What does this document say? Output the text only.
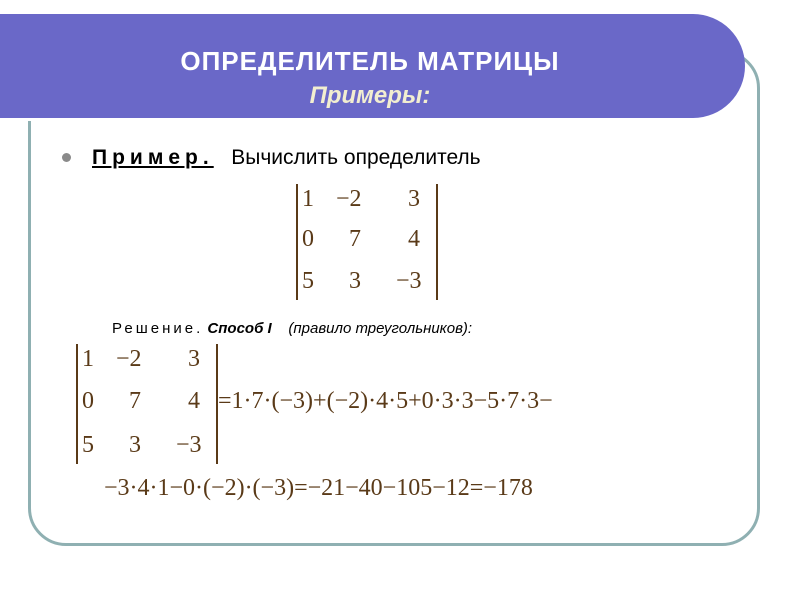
ОПРЕДЕЛИТЕЛЬ МАТРИЦЫ
Примеры:
Пример. Вычислить определитель
1 −2 3
0 7 4
5 3 −3
Решение. Способ I (правило треугольников):
1 −2 3
0 7 4
5 3 −3
=1·7·(−3)+(−2)·4·5+0·3·3−5·7·3−
−3·4·1−0·(−2)·(−3)=−21−40−105−12=−178
